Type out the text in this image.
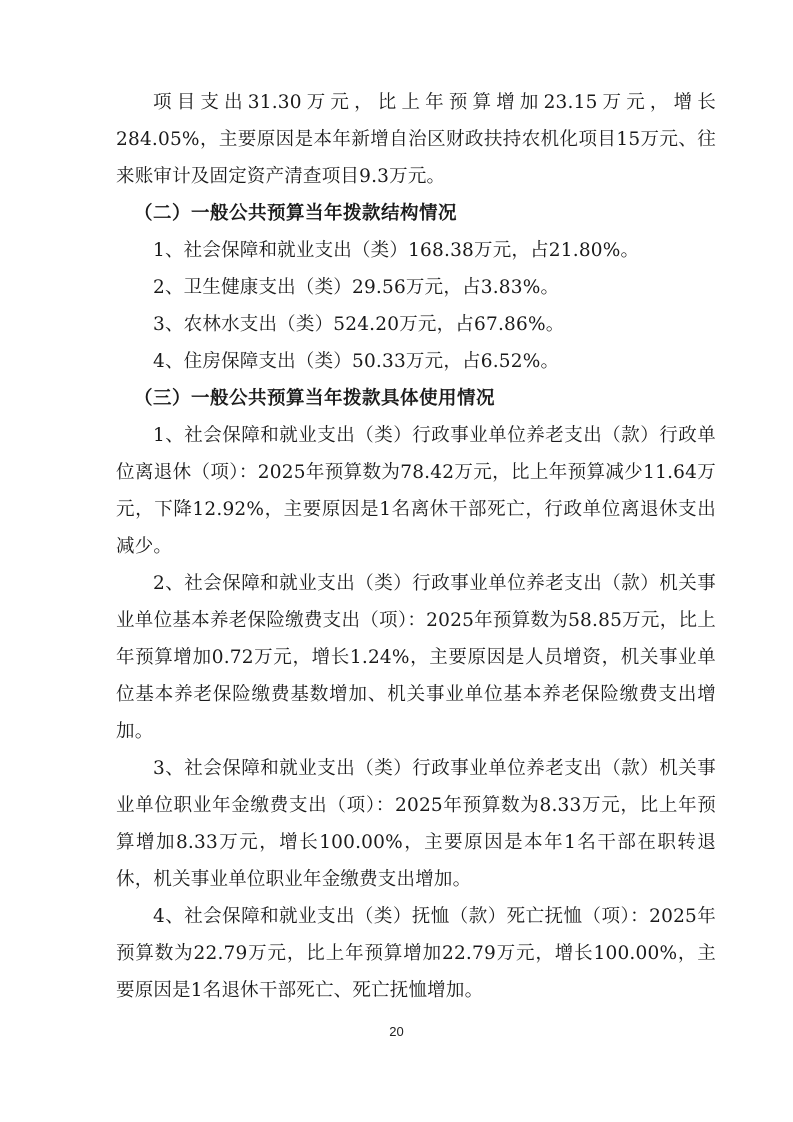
项目支出31.30万元，比上年预算增加23.15万元，增长284.05%，主要原因是本年新增自治区财政扶持农机化项目15万元、往来账审计及固定资产清查项目9.3万元。

（二）一般公共预算当年拨款结构情况

1、社会保障和就业支出（类）168.38万元，占21.80%。

2、卫生健康支出（类）29.56万元，占3.83%。

3、农林水支出（类）524.20万元，占67.86%。

4、住房保障支出（类）50.33万元，占6.52%。

（三）一般公共预算当年拨款具体使用情况

1、社会保障和就业支出（类）行政事业单位养老支出（款）行政单位离退休（项）：2025年预算数为78.42万元，比上年预算减少11.64万元，下降12.92%，主要原因是1名离休干部死亡，行政单位离退休支出减少。

2、社会保障和就业支出（类）行政事业单位养老支出（款）机关事业单位基本养老保险缴费支出（项）：2025年预算数为58.85万元，比上年预算增加0.72万元，增长1.24%，主要原因是人员增资，机关事业单位基本养老保险缴费基数增加、机关事业单位基本养老保险缴费支出增加。

3、社会保障和就业支出（类）行政事业单位养老支出（款）机关事业单位职业年金缴费支出（项）：2025年预算数为8.33万元，比上年预算增加8.33万元，增长100.00%，主要原因是本年1名干部在职转退休，机关事业单位职业年金缴费支出增加。

4、社会保障和就业支出（类）抚恤（款）死亡抚恤（项）：2025年预算数为22.79万元，比上年预算增加22.79万元，增长100.00%，主要原因是1名退休干部死亡、死亡抚恤增加。

20
